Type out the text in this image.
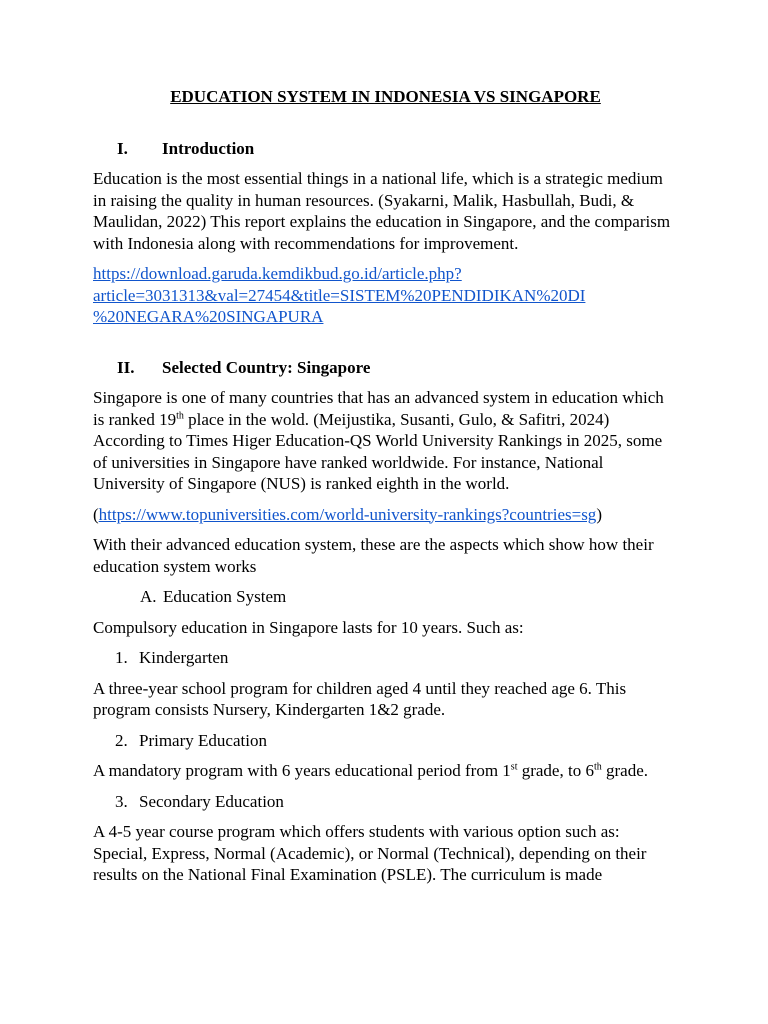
EDUCATION SYSTEM IN INDONESIA VS SINGAPORE
I.	Introduction

Education is the most essential things in a national life, which is a strategic medium in raising the quality in human resources. (Syakarni, Malik, Hasbullah, Budi, & Maulidan, 2022) This report explains the education in Singapore, and the comparism with Indonesia along with recommendations for improvement.

https://download.garuda.kemdikbud.go.id/article.php?
article=3031313&val=27454&title=SISTEM%20PENDIDIKAN%20DI
%20NEGARA%20SINGAPURA

II.	Selected Country: Singapore

Singapore is one of many countries that has an advanced system in education which is ranked 19th place in the wold. (Meijustika, Susanti, Gulo, & Safitri, 2024) According to Times Higer Education-QS World University Rankings in 2025, some of universities in Singapore have ranked worldwide. For instance, National University of Singapore (NUS) is ranked eighth in the world.

(https://www.topuniversities.com/world-university-rankings?countries=sg)

With their advanced education system, these are the aspects which show how their education system works

A. Education System

Compulsory education in Singapore lasts for 10 years. Such as:

1. Kindergarten

A three-year school program for children aged 4 until they reached age 6. This program consists Nursery, Kindergarten 1&2 grade.

2. Primary Education

A mandatory program with 6 years educational period from 1st grade, to 6th grade.

3. Secondary Education

A 4-5 year course program which offers students with various option such as: Special, Express, Normal (Academic), or Normal (Technical), depending on their results on the National Final Examination (PSLE). The curriculum is made
